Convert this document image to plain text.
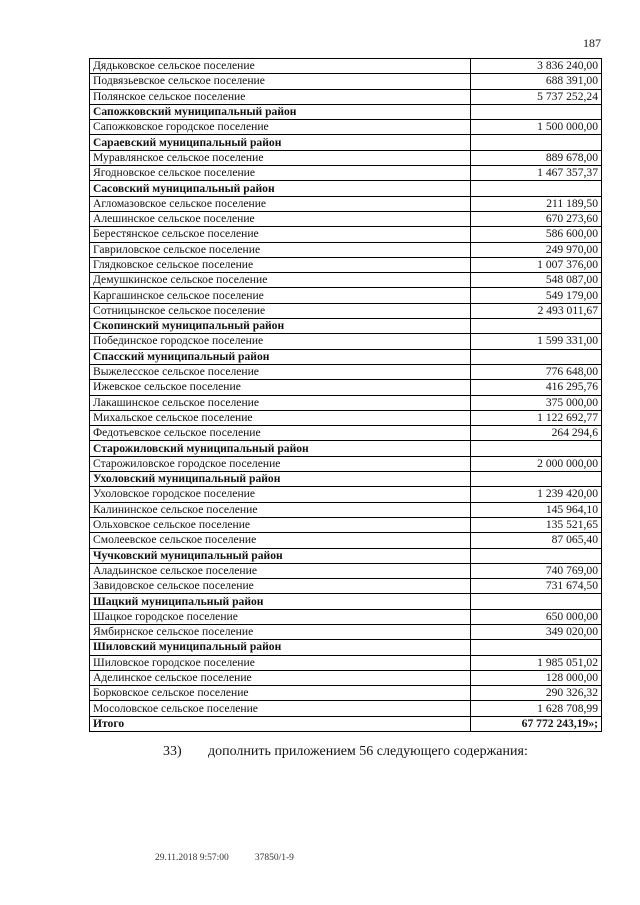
187
Дядьковское сельское поселение	3 836 240,00
Подвязьевское сельское поселение	688 391,00
Полянское сельское поселение	5 737 252,24
Сапожковский муниципальный район	
Сапожковское городское поселение	1 500 000,00
Сараевский муниципальный район	
Муравлянское сельское поселение	889 678,00
Ягодновское сельское поселение	1 467 357,37
Сасовский муниципальный район	
Агломазовское сельское поселение	211 189,50
Алешинское сельское поселение	670 273,60
Берестянское сельское поселение	586 600,00
Гавриловское сельское поселение	249 970,00
Глядковское сельское поселение	1 007 376,00
Демушкинское сельское поселение	548 087,00
Каргашинское сельское поселение	549 179,00
Сотницынское сельское поселение	2 493 011,67
Скопинский муниципальный район	
Побединское городское поселение	1 599 331,00
Спасский муниципальный район	
Выжелесское сельское поселение	776 648,00
Ижевское сельское поселение	416 295,76
Лакашинское сельское поселение	375 000,00
Михальское сельское поселение	1 122 692,77
Федотьевское сельское поселение	264 294,6
Старожиловский муниципальный район	
Старожиловское городское поселение	2 000 000,00
Ухоловский муниципальный район	
Ухоловское городское поселение	1 239 420,00
Калининское сельское поселение	145 964,10
Ольховское сельское поселение	135 521,65
Смолеевское сельское поселение	87 065,40
Чучковский муниципальный район	
Аладьинское сельское поселение	740 769,00
Завидовское сельское поселение	731 674,50
Шацкий муниципальный район	
Шацкое городское поселение	650 000,00
Ямбирнское сельское поселение	349 020,00
Шиловский муниципальный район	
Шиловское городское поселение	1 985 051,02
Аделинское сельское поселение	128 000,00
Борковское сельское поселение	290 326,32
Мосоловское сельское поселение	1 628 708,99
Итого	67 772 243,19»;
33) дополнить приложением 56 следующего содержания:
29.11.2018 9:57:00	37850/1-9
